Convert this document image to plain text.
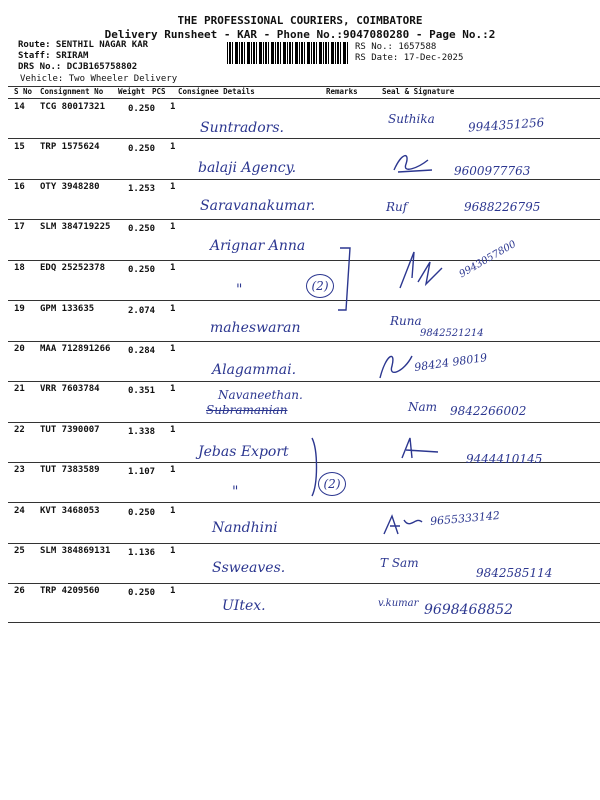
THE PROFESSIONAL COURIERS, COIMBATORE
Delivery Runsheet - KAR - Phone No.:9047080280 - Page No.:2
Route: SENTHIL NAGAR KAR
Staff: SRIRAM
DRS No.: DCJB165758802
Vehicle: Two Wheeler Delivery
RS No.: 1657588
RS Date: 17-Dec-2025
S No Consignment No Weight PCS Consignee Details	Remarks	Seal & Signature
14 TCG 80017321	0.250 1
Suntradors.
Suthika	9944351256
15 TRP 1575624	0.250 1
balaji Agency.	9600977763
16 OTY 3948280	1.253 1
Saravanakumar.	Ruf	9688226795
17 SLM 384719225 0.250 1
Arignar Anna
18 EDQ 25252378	0.250 1
"	(2)
9943057800
19 GPM 133635	2.074 1
maheswaran	Runa
9842521214
20 MAA 712891266 0.284 1
Alagammai.	98424 98019
21 VRR 7603784	0.351 1	Navaneethan.
Subramanian	Nam 9842266002
22 TUT 7390007	1.338 1
Jebas Export	9444410145
23 TUT 7383589	1.107 1
"	(2)
24 KVT 3468053	0.250 1
Nandhini	9655333142
25 SLM 384869131 1.136 1
Ssweaves.	T Sam
9842585114
26 TRP 4209560	0.250 1
UItex.	v.kumar 9698468852
